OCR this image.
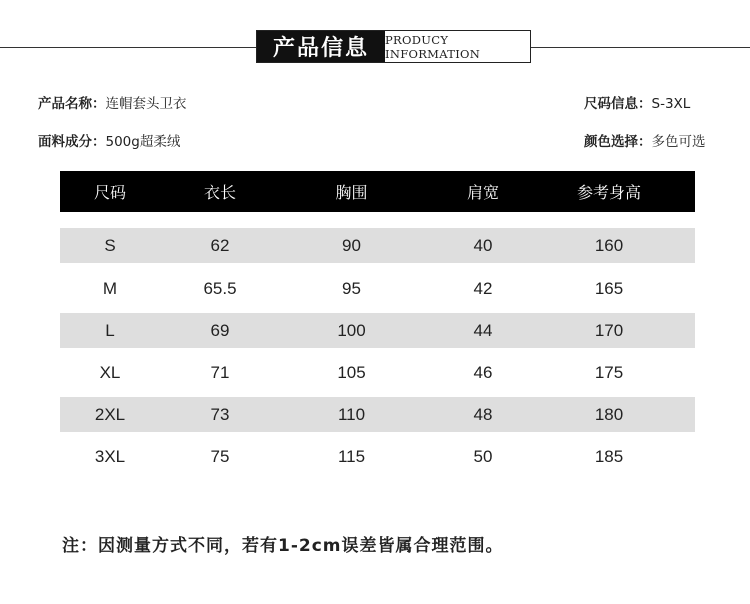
产品信息	PRODUCY INFORMATION
产品名称：连帽套头卫衣	尺码信息：S-3XL
面料成分：500g超柔绒	颜色选择：多色可选
尺码	衣长	胸围	肩宽	参考身高
S	62	90	40	160
M	65.5	95	42	165
L	69	100	44	170
XL	71	105	46	175
2XL	73	110	48	180
3XL	75	115	50	185
注：因测量方式不同，若有1-2cm误差皆属合理范围。
